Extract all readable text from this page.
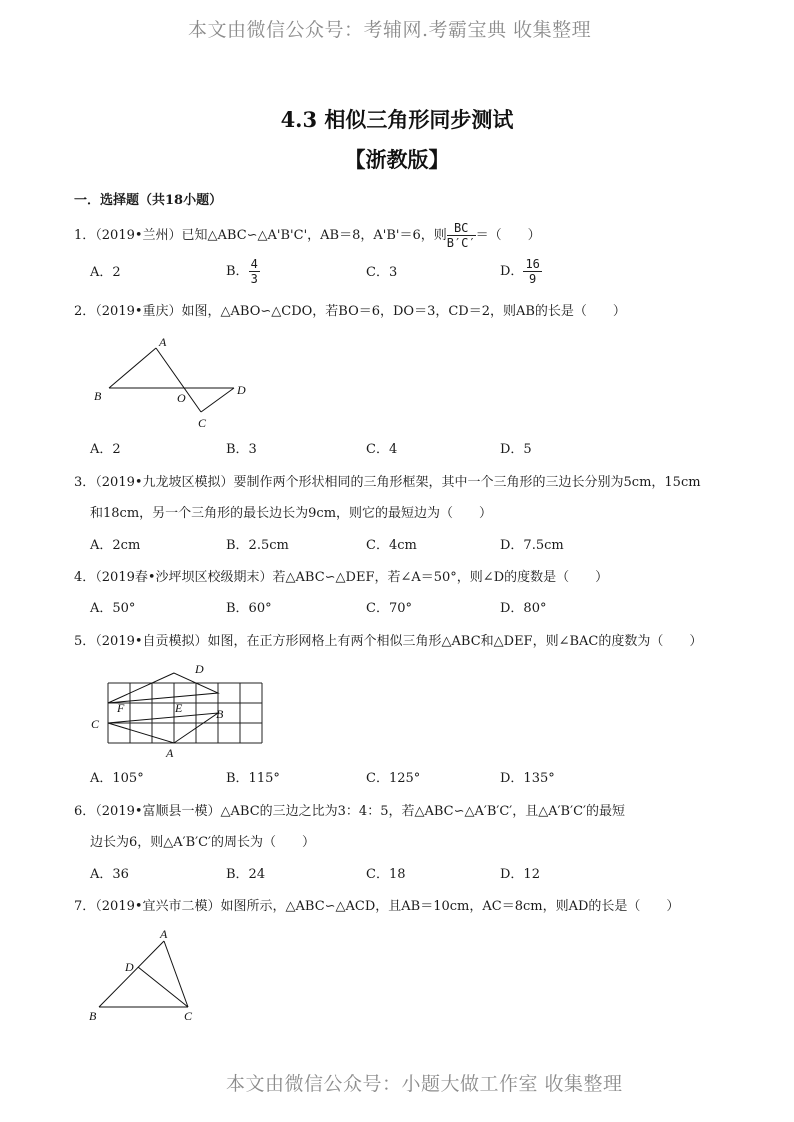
本文由微信公众号：考辅网.考霸宝典 收集整理
本文由微信公众号：小题大做工作室 收集整理
4.3 相似三角形同步测试
【浙教版】
一．选择题（共18小题）
1．（2019•兰州）已知△ABC∽△A'B'C'，AB＝8，A'B'＝6，则 $\frac{BC}{B'C'}$ ＝（　　）
A．2	B． $\frac{4}{3}$	C．3	D． $\frac{16}{9}$
2．（2019•重庆）如图，△ABO∽△CDO，若BO＝6，DO＝3，CD＝2，则AB的长是（　　）
A
B	O
D
C
A．2	B．3	C．4	D．5
3．（2019•九龙坡区模拟）要制作两个形状相同的三角形框架，其中一个三角形的三边长分别为5cm，15cm
和18cm，另一个三角形的最长边长为9cm，则它的最短边为（　　）
A．2cm	B．2.5cm	C．4cm	D．7.5cm
4．（2019春•沙坪坝区校级期末）若△ABC∽△DEF，若∠A＝50°，则∠D的度数是（　　）
A．50°	B．60°	C．70°	D．80°
5．（2019•自贡模拟）如图，在正方形网格上有两个相似三角形△ABC和△DEF，则∠BAC的度数为（　　）
D
F	E	B
C
A
A．105°	B．115°	C．125°	D．135°
6．（2019•富顺县一模）△ABC的三边之比为3：4：5，若△ABC∽△A′B′C′，且△A′B′C′的最短
边长为6，则△A′B′C′的周长为（　　）
A．36	B．24	C．18	D．12
7．（2019•宜兴市二模）如图所示，△ABC∽△ACD，且AB＝10cm，AC＝8cm，则AD的长是（　　）
A
D
B	C
